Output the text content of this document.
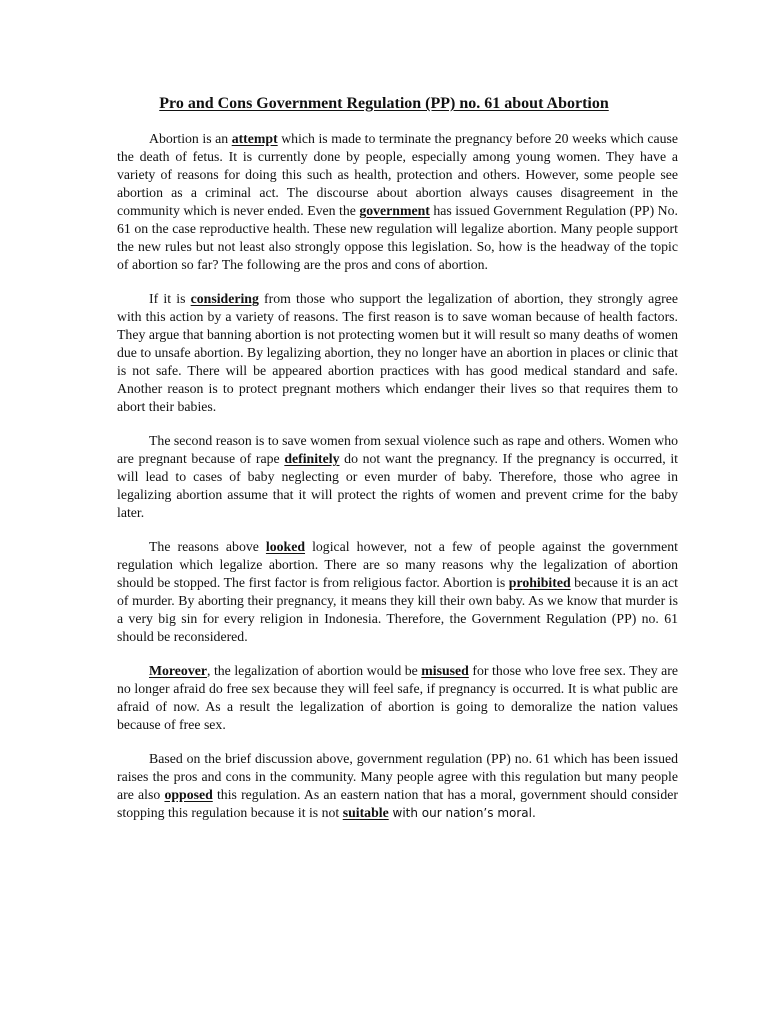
Pro and Cons Government Regulation (PP) no. 61 about Abortion

Abortion is an attempt which is made to terminate the pregnancy before 20 weeks which cause the death of fetus. It is currently done by people, especially among young women. They have a variety of reasons for doing this such as health, protection and others. However, some people see abortion as a criminal act. The discourse about abortion always causes disagreement in the community which is never ended. Even the government has issued Government Regulation (PP) No. 61 on the case reproductive health. These new regulation will legalize abortion. Many people support the new rules but not least also strongly oppose this legislation. So, how is the headway of the topic of abortion so far? The following are the pros and cons of abortion.

If it is considering from those who support the legalization of abortion, they strongly agree with this action by a variety of reasons. The first reason is to save woman because of health factors. They argue that banning abortion is not protecting women but it will result so many deaths of women due to unsafe abortion. By legalizing abortion, they no longer have an abortion in places or clinic that is not safe. There will be appeared abortion practices with has good medical standard and safe. Another reason is to protect pregnant mothers which endanger their lives so that requires them to abort their babies.

The second reason is to save women from sexual violence such as rape and others. Women who are pregnant because of rape definitely do not want the pregnancy. If the pregnancy is occurred, it will lead to cases of baby neglecting or even murder of baby. Therefore, those who agree in legalizing abortion assume that it will protect the rights of women and prevent crime for the baby later.

The reasons above looked logical however, not a few of people against the government regulation which legalize abortion. There are so many reasons why the legalization of abortion should be stopped. The first factor is from religious factor. Abortion is prohibited because it is an act of murder. By aborting their pregnancy, it means they kill their own baby. As we know that murder is a very big sin for every religion in Indonesia. Therefore, the Government Regulation (PP) no. 61 should be reconsidered.

Moreover, the legalization of abortion would be misused for those who love free sex. They are no longer afraid do free sex because they will feel safe, if pregnancy is occurred. It is what public are afraid of now. As a result the legalization of abortion is going to demoralize the nation values because of free sex.

Based on the brief discussion above, government regulation (PP) no. 61 which has been issued raises the pros and cons in the community. Many people agree with this regulation but many people are also opposed this regulation. As an eastern nation that has a moral, government should consider stopping this regulation because it is not suitable with our nation’s moral.
